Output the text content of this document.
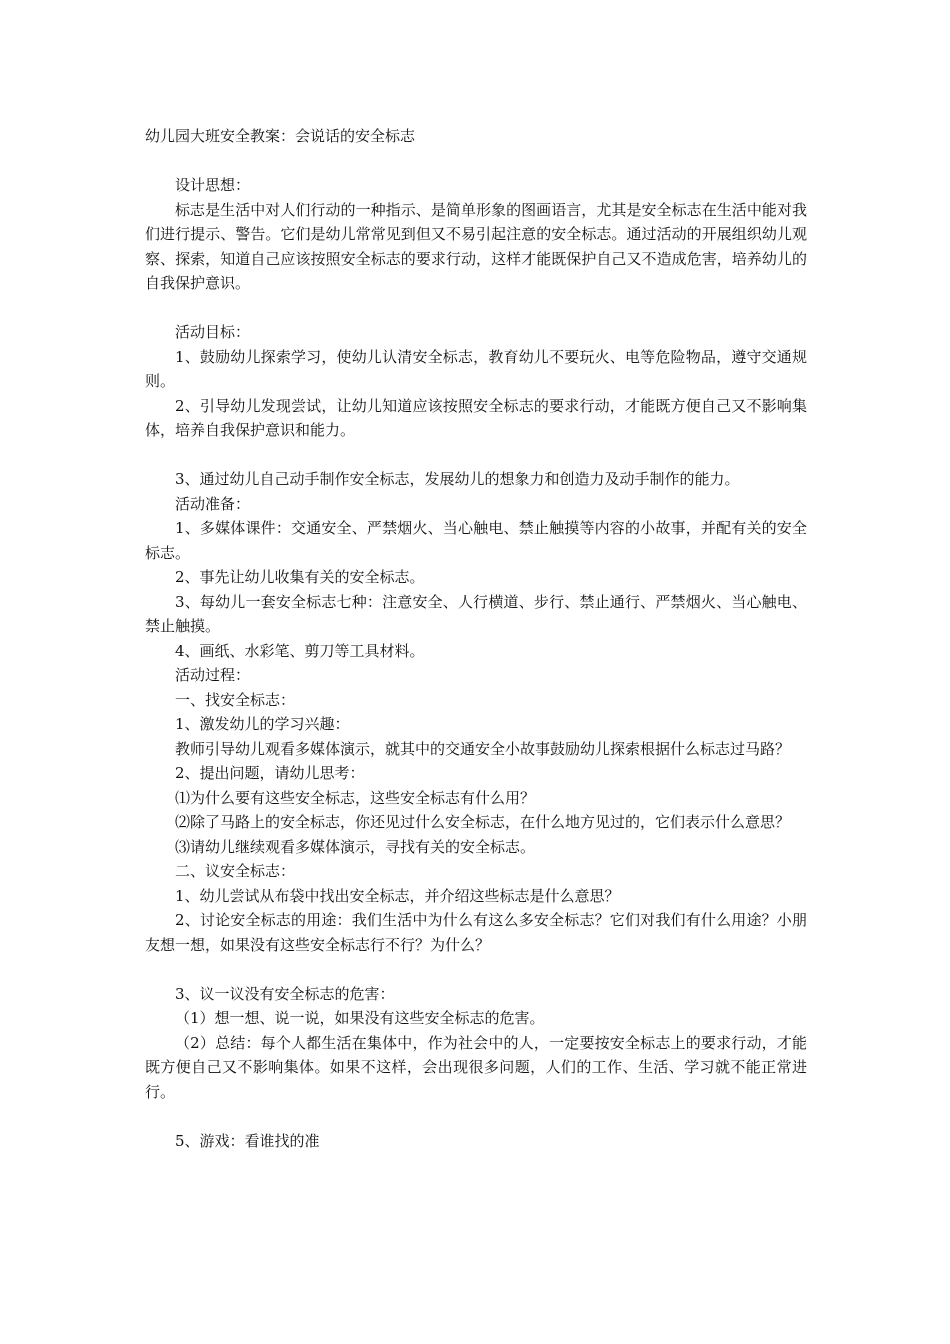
幼儿园大班安全教案：会说话的安全标志

设计思想：

标志是生活中对人们行动的一种指示、是简单形象的图画语言，尤其是安全标志在生活中能对我们进行提示、警告。它们是幼儿常常见到但又不易引起注意的安全标志。通过活动的开展组织幼儿观察、探索，知道自己应该按照安全标志的要求行动，这样才能既保护自己又不造成危害，培养幼儿的自我保护意识。

活动目标：

1、鼓励幼儿探索学习，使幼儿认清安全标志，教育幼儿不要玩火、电等危险物品，遵守交通规则。

2、引导幼儿发现尝试，让幼儿知道应该按照安全标志的要求行动，才能既方便自己又不影响集体，培养自我保护意识和能力。

3、通过幼儿自己动手制作安全标志，发展幼儿的想象力和创造力及动手制作的能力。

活动准备：

1、多媒体课件：交通安全、严禁烟火、当心触电、禁止触摸等内容的小故事，并配有关的安全标志。

2、事先让幼儿收集有关的安全标志。

3、每幼儿一套安全标志七种：注意安全、人行横道、步行、禁止通行、严禁烟火、当心触电、禁止触摸。

4、画纸、水彩笔、剪刀等工具材料。

活动过程：

一、找安全标志：

1、激发幼儿的学习兴趣：

教师引导幼儿观看多媒体演示，就其中的交通安全小故事鼓励幼儿探索根据什么标志过马路？

2、提出问题，请幼儿思考：

⑴为什么要有这些安全标志，这些安全标志有什么用？

⑵除了马路上的安全标志，你还见过什么安全标志，在什么地方见过的，它们表示什么意思？

⑶请幼儿继续观看多媒体演示，寻找有关的安全标志。

二、议安全标志：

1、幼儿尝试从布袋中找出安全标志，并介绍这些标志是什么意思？

2、讨论安全标志的用途：我们生活中为什么有这么多安全标志？它们对我们有什么用途？小朋友想一想，如果没有这些安全标志行不行？为什么？

3、议一议没有安全标志的危害：

（1）想一想、说一说，如果没有这些安全标志的危害。

（2）总结：每个人都生活在集体中，作为社会中的人，一定要按安全标志上的要求行动，才能既方便自己又不影响集体。如果不这样，会出现很多问题，人们的工作、生活、学习就不能正常进行。

5、游戏：看谁找的准
